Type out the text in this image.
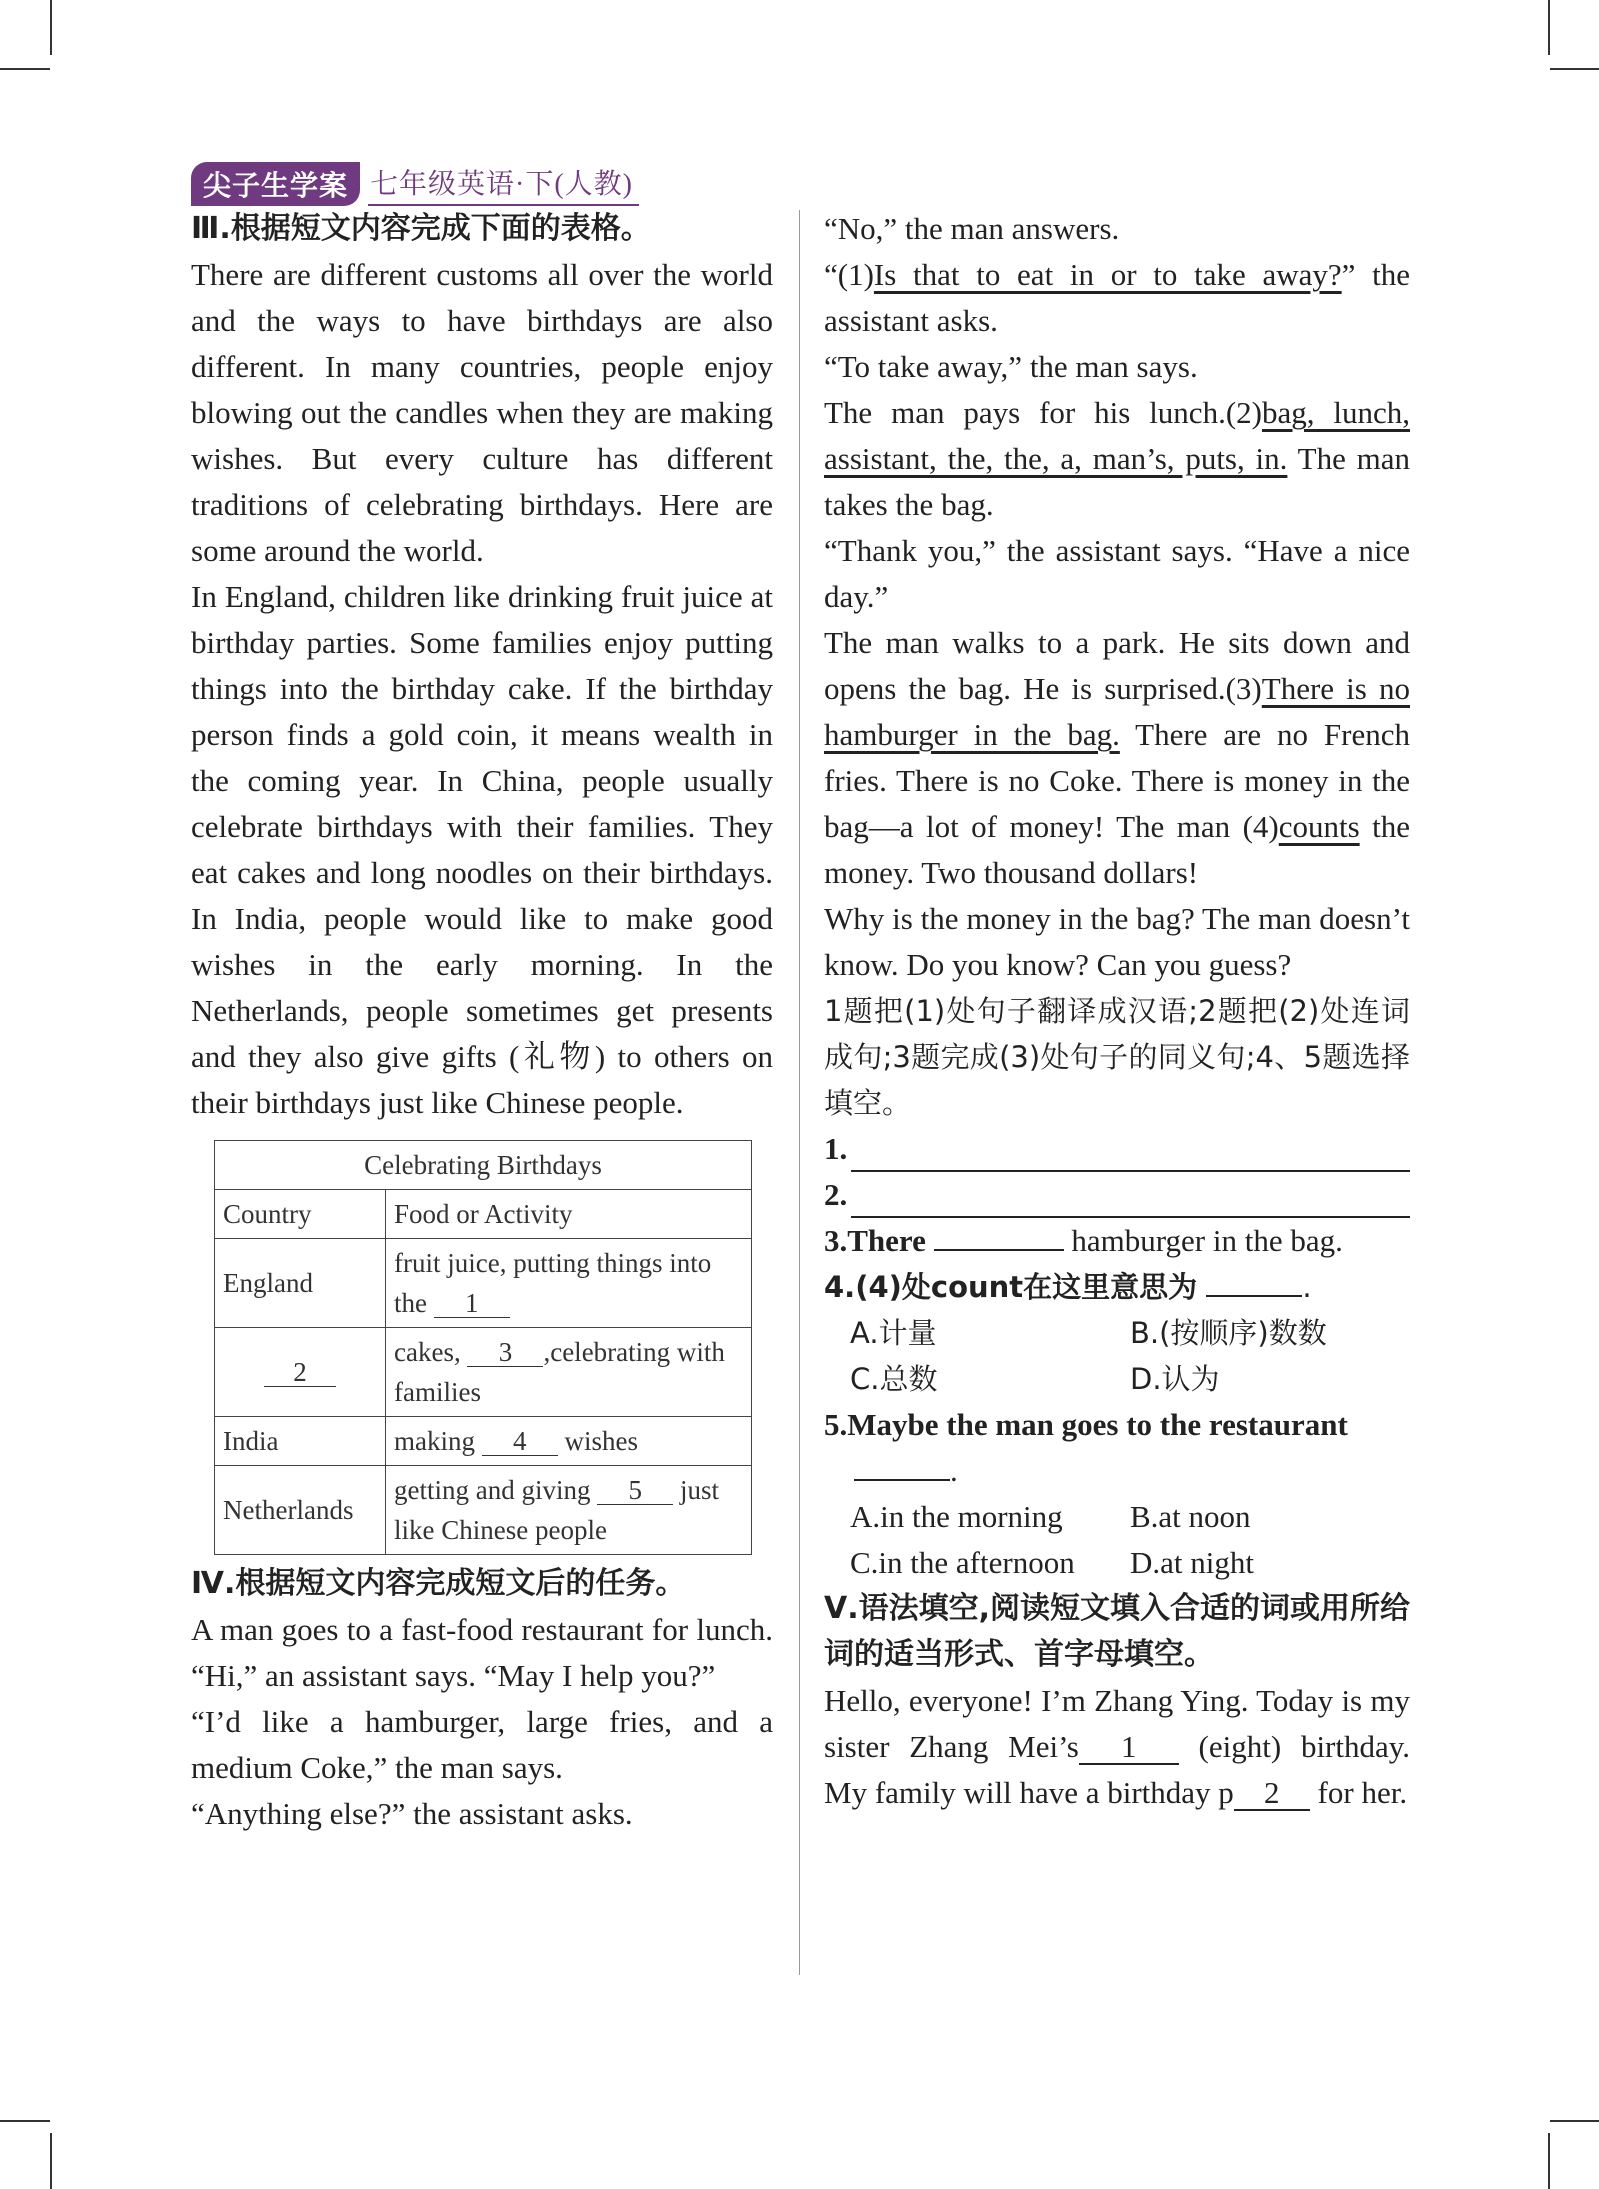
尖子生学案 七年级英语·下(人教)

Ⅲ.根据短文内容完成下面的表格。

There are different customs all over the world and the ways to have birthdays are also different. In many countries, people enjoy blowing out the candles when they are making wishes. But every culture has different traditions of celebrating birthdays. Here are some around the world.

In England, children like drinking fruit juice at birthday parties. Some families enjoy putting things into the birthday cake. If the birthday person finds a gold coin, it means wealth in the coming year. In China, people usually celebrate birthdays with their families. They eat cakes and long noodles on their birthdays. In India, people would like to make good wishes in the early morning. In the Netherlands, people sometimes get presents and they also give gifts (礼物) to others on their birthdays just like Chinese people.

Celebrating Birthdays	
Country	Food or Activity
England	fruit juice, putting things into the 1
2	cakes, 3 ,celebrating with families
India	making 4 wishes
Netherlands	getting and giving 5 just like Chinese people

Ⅳ.根据短文内容完成短文后的任务。

A man goes to a fast-food restaurant for lunch. “Hi,” an assistant says. “May I help you?”

“I’d like a hamburger, large fries, and a medium Coke,” the man says.

“Anything else?” the assistant asks.

“No,” the man answers.

“(1)Is that to eat in or to take away?” the assistant asks.

“To take away,” the man says.

The man pays for his lunch.(2)bag, lunch, assistant, the, the, a, man’s, puts, in. The man takes the bag.

“Thank you,” the assistant says. “Have a nice day.”

The man walks to a park. He sits down and opens the bag. He is surprised.(3)There is no hamburger in the bag. There are no French fries. There is no Coke. There is money in the bag—a lot of money! The man (4)counts the money. Two thousand dollars!

Why is the money in the bag? The man doesn’t know. Do you know? Can you guess?

1题把(1)处句子翻译成汉语;2题把(2)处连词成句;3题完成(3)处句子的同义句;4、5题选择填空。

1.
2.

3.There	hamburger in the bag.

4.(4)处count在这里意思为	.

A.计量	B.(按顺序)数数
C.总数	D.认为

5.Maybe the man goes to the restaurant
.

A.in the morning	B.at noon
C.in the afternoon	D.at night

Ⅴ.语法填空,阅读短文填入合适的词或用所给词的适当形式、首字母填空。

Hello, everyone! I’m Zhang Ying. Today is my sister Zhang Mei’s 1 (eight) birthday. My family will have a birthday p 2 for her.
